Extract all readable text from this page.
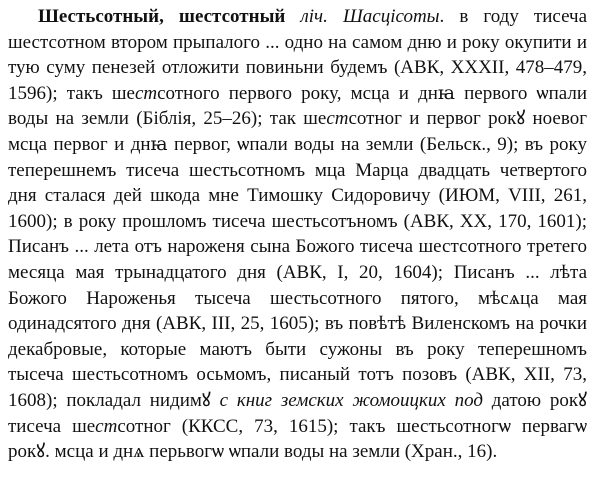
Шестьсотный, шестсотный ліч. Шасцісоты. в году тисеча шестсотном втором прыпалого ... одно на самом дню и року окупити и тую суму пенезей отложити повиньни будемъ (АВК, XXXII, 478–479, 1596); такъ шестсотного первого року, мсца и днꙗ первого ѡпали воды на земли (Біблія, 25–26); так шестсотног и первог рокꙋ ноевог мсца первог и днꙗ первог, ѡпали воды на земли (Бельск., 9); въ року теперешнемъ тисеча шестьсотномъ мца Марца двадцать четвертого дня сталася дей шкода мне Тимошку Сидоровичу (ИЮМ, VIII, 261, 1600); в року прошломъ тисеча шестьсотъномъ (АВК, XX, 170, 1601); Писанъ ... лета отъ нароженя сына Божого тисеча шестсотного третего месяца мая трынадцатого дня (АВК, I, 20, 1604); Писанъ ... лѣта Божого Нароженья тысеча шестьсотного пятого, мѣсѧца мая одинадсятого дня (АВК, III, 25, 1605); въ повѣтѣ Виленскомъ на рочки декабровые, которые маютъ быти сужоны въ року теперешномъ тысеча шестьсотномъ осьмомъ, писаный тотъ позовъ (АВК, XII, 73, 1608); покладал нидимꙋ с книг земских жомоицких под датою рокꙋ тисеча шестсотног (ККСС, 73, 1615); такъ шестьсотногѡ первагѡ рокꙋ. мсца и днѧ перьвогѡ ѡпали воды на земли (Хран., 16).
